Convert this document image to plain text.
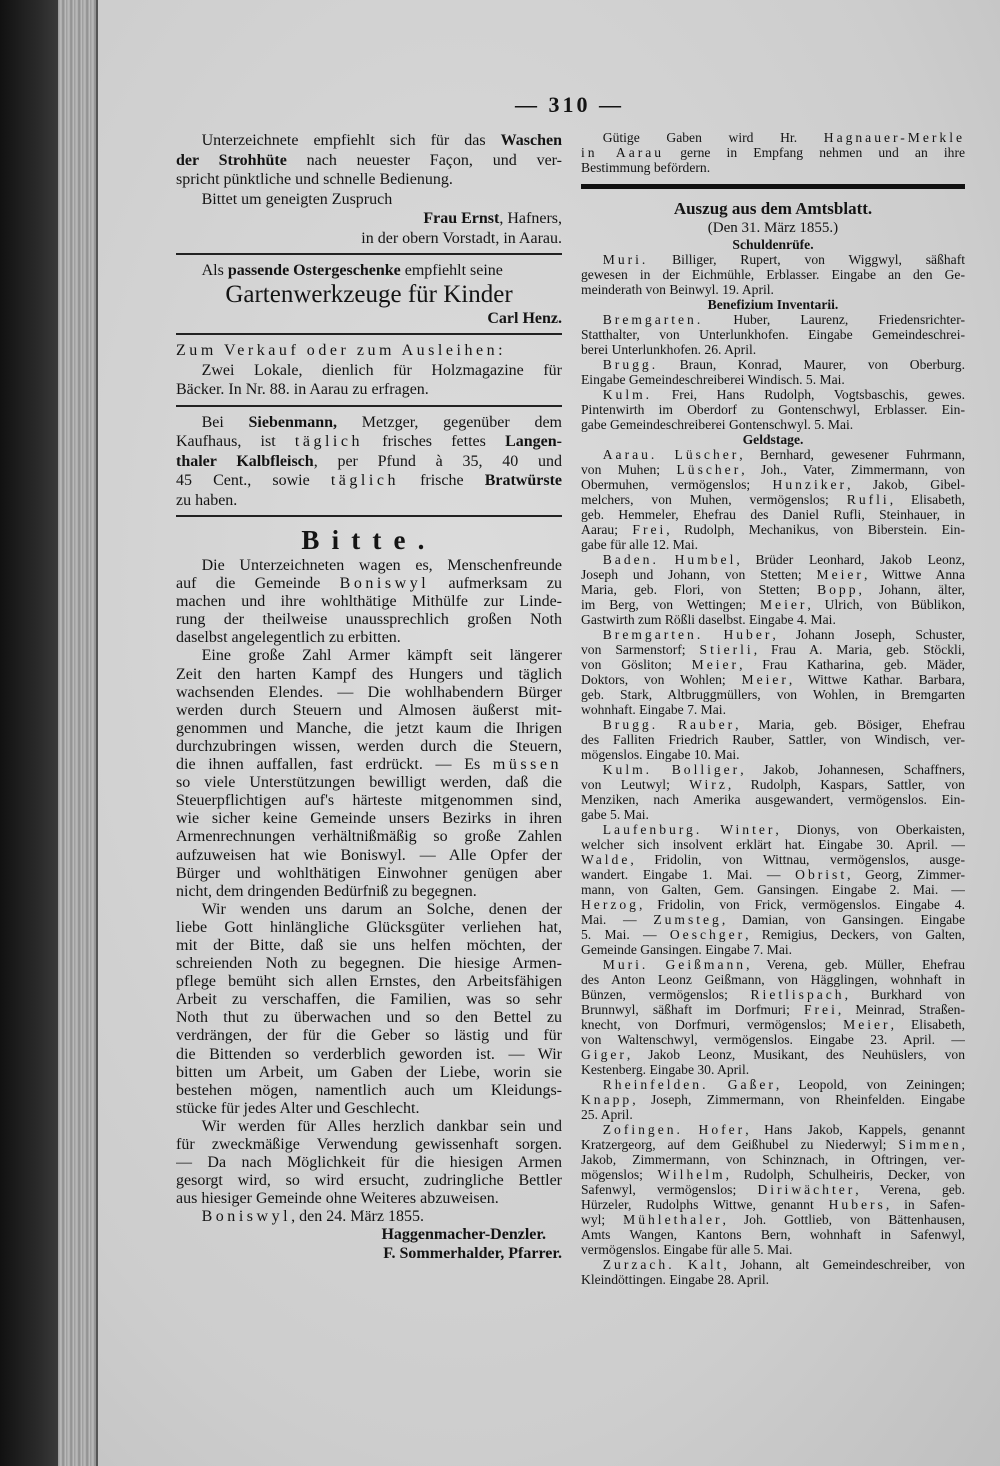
— 310 —
Unterzeichnete empfiehlt sich für das Waschen
der Strohhüte nach neuester Façon, und ver-
spricht pünktliche und schnelle Bedienung.
Bittet um geneigten Zuspruch
Frau Ernst, Hafners,
in der obern Vorstadt, in Aarau.
Als passende Ostergeschenke empfiehlt seine
Gartenwerkzeuge für Kinder
Carl Henz.
Zum Verkauf oder zum Ausleihen:
Zwei Lokale, dienlich für Holzmagazine für
Bäcker. In Nr. 88. in Aarau zu erfragen.
Bei Siebenmann, Metzger, gegenüber dem
Kaufhaus, ist täglich frisches fettes Langen-
thaler Kalbfleisch, per Pfund à 35, 40 und
45 Cent., sowie täglich frische Bratwürste
zu haben.
Bitte.
Die Unterzeichneten wagen es, Menschenfreunde
auf die Gemeinde Boniswyl aufmerksam zu
machen und ihre wohlthätige Mithülfe zur Linde-
rung der theilweise unaussprechlich großen Noth
daselbst angelegentlich zu erbitten.
Eine große Zahl Armer kämpft seit längerer
Zeit den harten Kampf des Hungers und täglich
wachsenden Elendes. — Die wohlhabendern Bürger
werden durch Steuern und Almosen äußerst mit-
genommen und Manche, die jetzt kaum die Ihrigen
durchzubringen wissen, werden durch die Steuern,
die ihnen auffallen, fast erdrückt. — Es müssen
so viele Unterstützungen bewilligt werden, daß die
Steuerpflichtigen auf's härteste mitgenommen sind,
wie sicher keine Gemeinde unsers Bezirks in ihren
Armenrechnungen verhältnißmäßig so große Zahlen
aufzuweisen hat wie Boniswyl. — Alle Opfer der
Bürger und wohlthätigen Einwohner genügen aber
nicht, dem dringenden Bedürfniß zu begegnen.
Wir wenden uns darum an Solche, denen der
liebe Gott hinlängliche Glücksgüter verliehen hat,
mit der Bitte, daß sie uns helfen möchten, der
schreienden Noth zu begegnen. Die hiesige Armen-
pflege bemüht sich allen Ernstes, den Arbeitsfähigen
Arbeit zu verschaffen, die Familien, was so sehr
Noth thut zu überwachen und so den Bettel zu
verdrängen, der für die Geber so lästig und für
die Bittenden so verderblich geworden ist. — Wir
bitten um Arbeit, um Gaben der Liebe, worin sie
bestehen mögen, namentlich auch um Kleidungs-
stücke für jedes Alter und Geschlecht.
Wir werden für Alles herzlich dankbar sein und
für zweckmäßige Verwendung gewissenhaft sorgen.
— Da nach Möglichkeit für die hiesigen Armen
gesorgt wird, so wird ersucht, zudringliche Bettler
aus hiesiger Gemeinde ohne Weiteres abzuweisen.
Boniswyl, den 24. März 1855.
Haggenmacher-Denzler. 
F. Sommerhalder, Pfarrer.
Gütige Gaben wird Hr. Hagnauer-Merkle
in Aarau gerne in Empfang nehmen und an ihre
Bestimmung befördern.
Auszug aus dem Amtsblatt.
(Den 31. März 1855.)
Schuldenrüfe.
Muri. Billiger, Rupert, von Wiggwyl, säßhaft
gewesen in der Eichmühle, Erblasser. Eingabe an den Ge-
meinderath von Beinwyl. 19. April.
Benefizium Inventarii.
Bremgarten. Huber, Laurenz, Friedensrichter-
Statthalter, von Unterlunkhofen. Eingabe Gemeindeschrei-
berei Unterlunkhofen. 26. April.
Brugg. Braun, Konrad, Maurer, von Oberburg.
Eingabe Gemeindeschreiberei Windisch. 5. Mai.
Kulm. Frei, Hans Rudolph, Vogtsbaschis, gewes.
Pintenwirth im Oberdorf zu Gontenschwyl, Erblasser. Ein-
gabe Gemeindeschreiberei Gontenschwyl. 5. Mai.
Geldstage.
Aarau. Lüscher, Bernhard, gewesener Fuhrmann,
von Muhen; Lüscher, Joh., Vater, Zimmermann, von
Obermuhen, vermögenslos; Hunziker, Jakob, Gibel-
melchers, von Muhen, vermögenslos; Rufli, Elisabeth,
geb. Hemmeler, Ehefrau des Daniel Rufli, Steinhauer, in
Aarau; Frei, Rudolph, Mechanikus, von Biberstein. Ein-
gabe für alle 12. Mai.
Baden. Humbel, Brüder Leonhard, Jakob Leonz,
Joseph und Johann, von Stetten; Meier, Wittwe Anna
Maria, geb. Flori, von Stetten; Bopp, Johann, älter,
im Berg, von Wettingen; Meier, Ulrich, von Büblikon,
Gastwirth zum Rößli daselbst. Eingabe 4. Mai.
Bremgarten. Huber, Johann Joseph, Schuster,
von Sarmenstorf; Stierli, Frau A. Maria, geb. Stöckli,
von Gösliton; Meier, Frau Katharina, geb. Mäder,
Doktors, von Wohlen; Meier, Wittwe Kathar. Barbara,
geb. Stark, Altbruggmüllers, von Wohlen, in Bremgarten
wohnhaft. Eingabe 7. Mai.
Brugg. Rauber, Maria, geb. Bösiger, Ehefrau
des Falliten Friedrich Rauber, Sattler, von Windisch, ver-
mögenslos. Eingabe 10. Mai.
Kulm. Bolliger, Jakob, Johannesen, Schaffners,
von Leutwyl; Wirz, Rudolph, Kaspars, Sattler, von
Menziken, nach Amerika ausgewandert, vermögenslos. Ein-
gabe 5. Mai.
Laufenburg. Winter, Dionys, von Oberkaisten,
welcher sich insolvent erklärt hat. Eingabe 30. April. —
Walde, Fridolin, von Wittnau, vermögenslos, ausge-
wandert. Eingabe 1. Mai. — Obrist, Georg, Zimmer-
mann, von Galten, Gem. Gansingen. Eingabe 2. Mai. —
Herzog, Fridolin, von Frick, vermögenslos. Eingabe 4.
Mai. — Zumsteg, Damian, von Gansingen. Eingabe
5. Mai. — Oeschger, Remigius, Deckers, von Galten,
Gemeinde Gansingen. Eingabe 7. Mai.
Muri. Geißmann, Verena, geb. Müller, Ehefrau
des Anton Leonz Geißmann, von Hägglingen, wohnhaft in
Bünzen, vermögenslos; Rietlispach, Burkhard von
Brunnwyl, säßhaft im Dorfmuri; Frei, Meinrad, Straßen-
knecht, von Dorfmuri, vermögenslos; Meier, Elisabeth,
von Waltenschwyl, vermögenslos. Eingabe 23. April. —
Giger, Jakob Leonz, Musikant, des Neuhüslers, von
Kestenberg. Eingabe 30. April.
Rheinfelden. Gaßer, Leopold, von Zeiningen;
Knapp, Joseph, Zimmermann, von Rheinfelden. Eingabe
25. April.
Zofingen. Hofer, Hans Jakob, Kappels, genannt
Kratzergeorg, auf dem Geißhubel zu Niederwyl; Simmen,
Jakob, Zimmermann, von Schinznach, in Oftringen, ver-
mögenslos; Wilhelm, Rudolph, Schulheiris, Decker, von
Safenwyl, vermögenslos; Diriwächter, Verena, geb.
Hürzeler, Rudolphs Wittwe, genannt Hubers, in Safen-
wyl; Mühlethaler, Joh. Gottlieb, von Bättenhausen,
Amts Wangen, Kantons Bern, wohnhaft in Safenwyl,
vermögenslos. Eingabe für alle 5. Mai.
Zurzach. Kalt, Johann, alt Gemeindeschreiber, von
Kleindöttingen. Eingabe 28. April.
